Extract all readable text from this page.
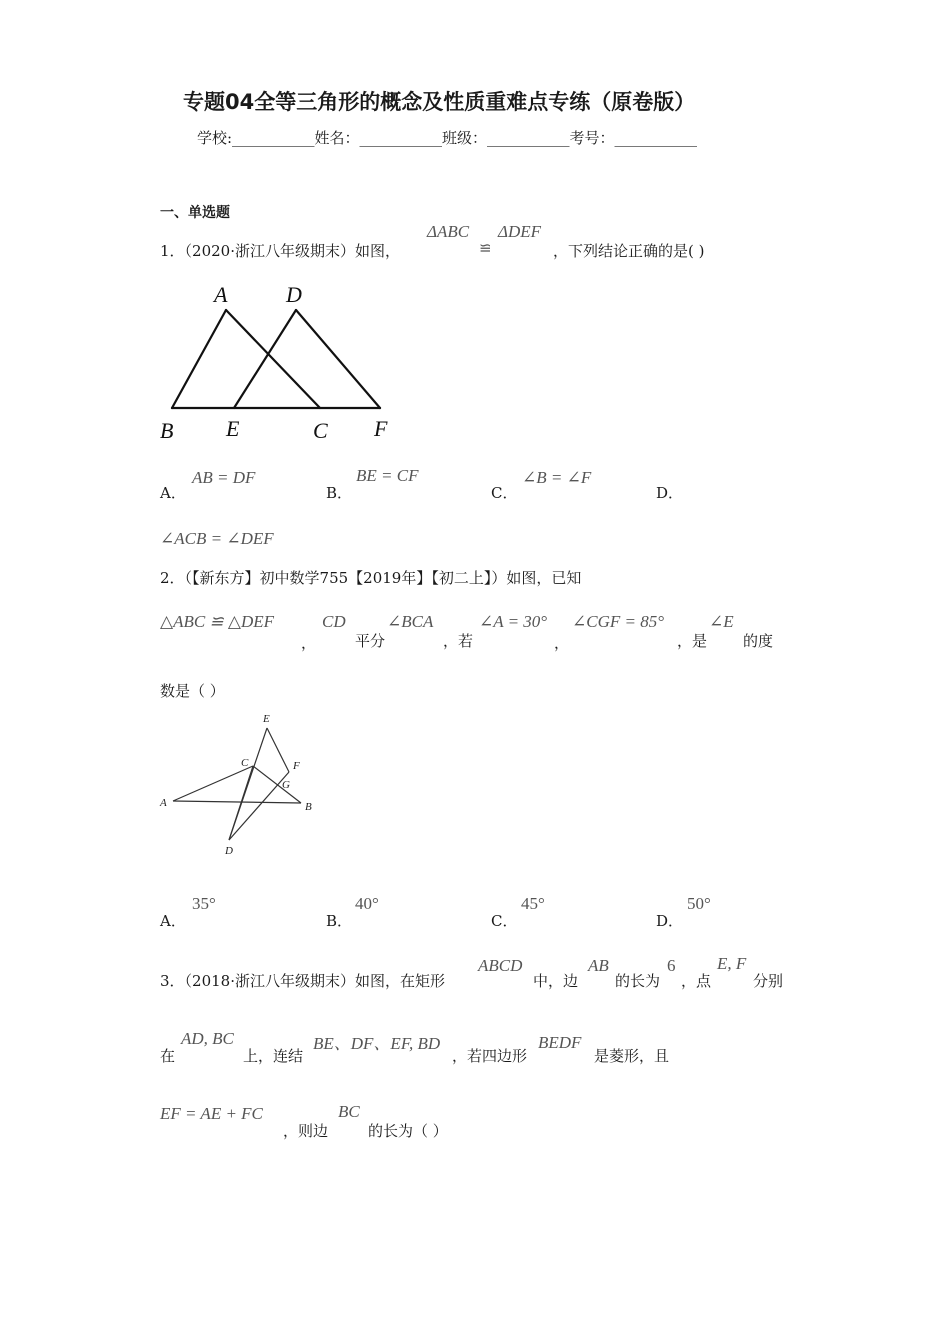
专题04全等三角形的概念及性质重难点专练（原卷版）
学校:___________姓名：___________班级：___________考号：___________
一、单选题
1．（2020·浙江八年级期末）如图，
ΔABC
≌
ΔDEF
，下列结论正确的是( )
A	D
B E	C F
A．
AB = DF
B．
BE = CF
C．
∠B = ∠F
D．
∠ACB = ∠DEF
2．（【新东方】初中数学755【2019年】【初二上】）如图，已知
△ABC ≌ △DEF
，
CD
平分
∠BCA
，若
∠A = 30°
，
∠CGF = 85°
，是
∠E
的度
数是（ ）
E
C	F
G
A	B
D
A．
35°
B．
40°
C．
45°
D．
50°
3．（2018·浙江八年级期末）如图，在矩形
ABCD
中，边
AB
的长为
6
，点
E, F
分别
在
AD, BC
上，连结
BE、DF、EF, BD
，若四边形
BEDF
是菱形，且
EF = AE + FC
，则边
BC
的长为（ ）
